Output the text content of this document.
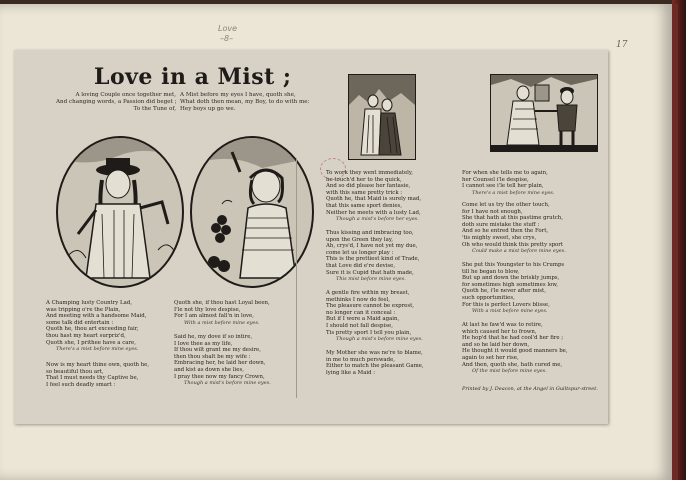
Love
–8–
17
Love in a Mist ;
A loving Couple once together met,
And changing words, a Passion did beget ;
To the Tune of,
A Mist before my eyes I have, quoth she,
What doth then mean, my Boy, to do with me:
Hey boys up go we.
A Champing lusty Country Lad,
was tripping o're the Plain,
And meeting with a handsome Maid,
some talk did entertain :
Quoth he, thou art exceeding fair,
thou hast my heart surpriz'd,
Quoth she, I prithee have a care,
There's a mist before mine eyes.
Now is my heart thine own, quoth he,
so beautiful thou art,
That I must needs thy Captive be,
I feel such deadly smart :
Quoth she, if thou hast Loyal been,
I'le not thy love despise,
For I am almost fall'n in love,
With a mist before mine eyes.
Said he, my dove if so intire,
I love thee as my life,
If thou wilt grant me my desire,
then thou shalt be my wife :
Embracing her, he laid her down,
and kist as down she lies,
I pray thee now my fancy Crown,
Though a mist's before mine eyes.
To work they went immediately,
he touch'd her to the quick,
And so did please her fantasie,
with this same pretty trick :
Quoth he, that Maid is surely mad,
that this same sport denies,
Neither he meets with a lusty Lad,
Though a mist's before her eyes.
Thus kissing and imbracing too,
upon the Green they lay,
Ah, crys'd, I have not yet my due,
come let us longer play :
This is the prettiest kind of Trade,
that Love did e're devise,
Sure it is Cupid that hath made,
This mist before mine eyes.
A gentle fire within my breast,
methinks I now do feel,
The pleasure cannot be exprest,
no longer can it conceal :
But if I were a Maid again,
I should not fall despise,
Tis pretty sport I tell you plain,
Though a mist's before mine eyes.
My Mother she was ne're to blame,
in me to much perswade,
Either to match the pleasant Game,
lying like a Maid :
For when she tells me to again,
her Counsel i'le despise,
I cannot see i'le tell her plain,
There's a mist before mine eyes.
Come let us try the other touch,
for I have not enough,
She that hath at this pastime grutch,
doth sure mistake the stuff :
And so he entred then the Fort,
'tis mighty sweet, she crys,
Oh who would think this pretty sport
Could make a mist before mine eyes.
She put this Youngster to his Crumps
till he began to blow,
But up and down the briskly jumps,
for sometimes high sometimes low,
Quoth he, i'le never after mist,
such opportunities,
For this is perfect Lovers blisse,
With a mist before mine eyes.
At last he faw'd was to retire,
which caused her to frown,
He hop'd that he had cool'd her fire ;
and so he laid her down,
He thought it would good manners be,
again to set her rise,
And then, quoth she, hath cured me,
Of the mist before mine eyes.
Printed by J. Deacon, at the Angel in Guiltspur-street.
